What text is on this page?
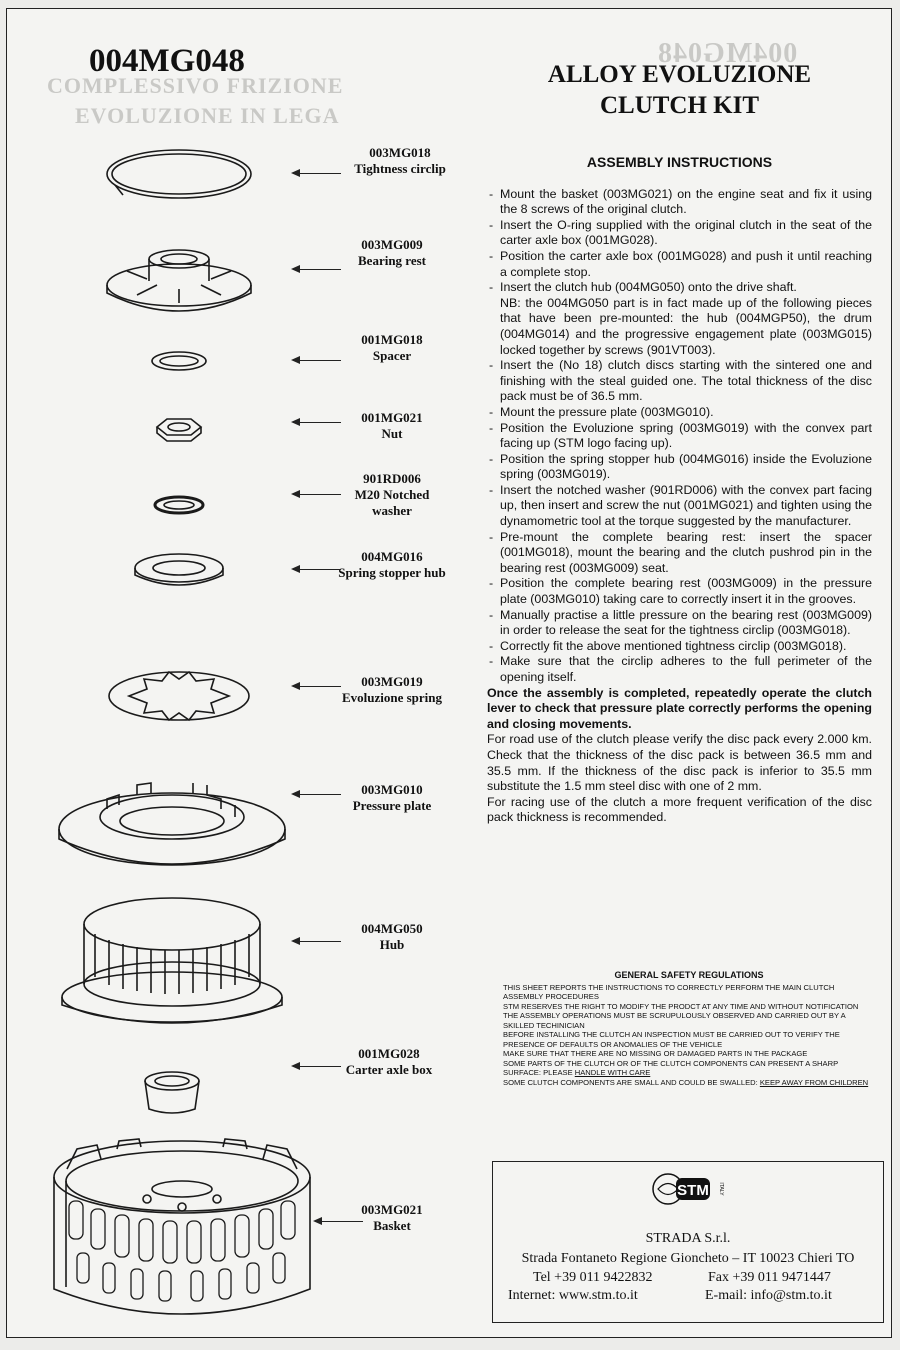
COMPLESSIVO FRIZIONE
EVOLUZIONE IN LEGA
004MG048
004MG048	ALLOY EVOLUZIONE
CLUTCH KIT
003MG018
Tightness circlip
003MG009
Bearing rest
001MG018
Spacer
001MG021
Nut
901RD006
M20 Notched washer
004MG016
Spring stopper hub
003MG019
Evoluzione spring
003MG010
Pressure plate
004MG050
Hub
001MG028
Carter axle box
003MG021
Basket
ASSEMBLY INSTRUCTIONS
- Mount the basket (003MG021) on the engine seat and fix it using the 8 screws of the original clutch.
- Insert the O-ring supplied with the original clutch in the seat of the carter axle box (001MG028).
- Position the carter axle box (001MG028) and push it until reaching a complete stop.
- Insert the clutch hub (004MG050) onto the drive shaft.
NB: the 004MG050 part is in fact made up of the following pieces that have been pre-mounted: the hub (004MGP50), the drum (004MG014) and the progressive engagement plate (003MG015) locked together by screws (901VT003).
- Insert the (No 18) clutch discs starting with the sintered one and finishing with the steal guided one. The total thickness of the disc pack must be of 36.5 mm.
- Mount the pressure plate (003MG010).
- Position the Evoluzione spring (003MG019) with the convex part facing up (STM logo facing up).
- Position the spring stopper hub (004MG016) inside the Evoluzione spring (003MG019).
- Insert the notched washer (901RD006) with the convex part facing up, then insert and screw the nut (001MG021) and tighten using the dynamometric tool at the torque suggested by the manufacturer.
- Pre-mount the complete bearing rest: insert the spacer (001MG018), mount the bearing and the clutch pushrod pin in the bearing rest (003MG009) seat.
- Position the complete bearing rest (003MG009) in the pressure plate (003MG010) taking care to correctly insert it in the grooves.
- Manually practise a little pressure on the bearing rest (003MG009) in order to release the seat for the tightness circlip (003MG018).
- Correctly fit the above mentioned tightness circlip (003MG018).
- Make sure that the circlip adheres to the full perimeter of the opening itself.

Once the assembly is completed, repeatedly operate the clutch lever to check that pressure plate correctly performs the opening and closing movements.

For road use of the clutch please verify the disc pack every 2.000 km. Check that the thickness of the disc pack is between 36.5 mm and 35.5 mm. If the thickness of the disc pack is inferior to 35.5 mm substitute the 1.5 mm steel disc with one of 2 mm.

For racing use of the clutch a more frequent verification of the disc pack thickness is recommended.

GENERAL SAFETY REGULATIONS

THIS SHEET REPORTS THE INSTRUCTIONS TO CORRECTLY PERFORM THE MAIN CLUTCH ASSEMBLY PROCEDURES

STM RESERVES THE RIGHT TO MODIFY THE PRODCT AT ANY TIME AND WITHOUT NOTIFICATION

THE ASSEMBLY OPERATIONS MUST BE SCRUPULOUSLY OBSERVED AND CARRIED OUT BY A SKILLED TECHINICIAN

BEFORE INSTALLING THE CLUTCH AN INSPECTION MUST BE CARRIED OUT TO VERIFY THE PRESENCE OF DEFAULTS OR ANOMALIES OF THE VEHICLE

MAKE SURE THAT THERE ARE NO MISSING OR DAMAGED PARTS IN THE PACKAGE

SOME PARTS OF THE CLUTCH OR OF THE CLUTCH COMPONENTS CAN PRESENT A SHARP SURFACE: PLEASE HANDLE WITH CARE

SOME CLUTCH COMPONENTS ARE SMALL AND COULD BE SWALLED: KEEP AWAY FROM CHILDREN

STM ITALY
STRADA S.r.l.
Strada Fontaneto Regione Gioncheto – IT 10023 Chieri TO
Tel +39 011 9422832	Fax +39 011 9471447
Internet: www.stm.to.it	E-mail: info@stm.to.it
